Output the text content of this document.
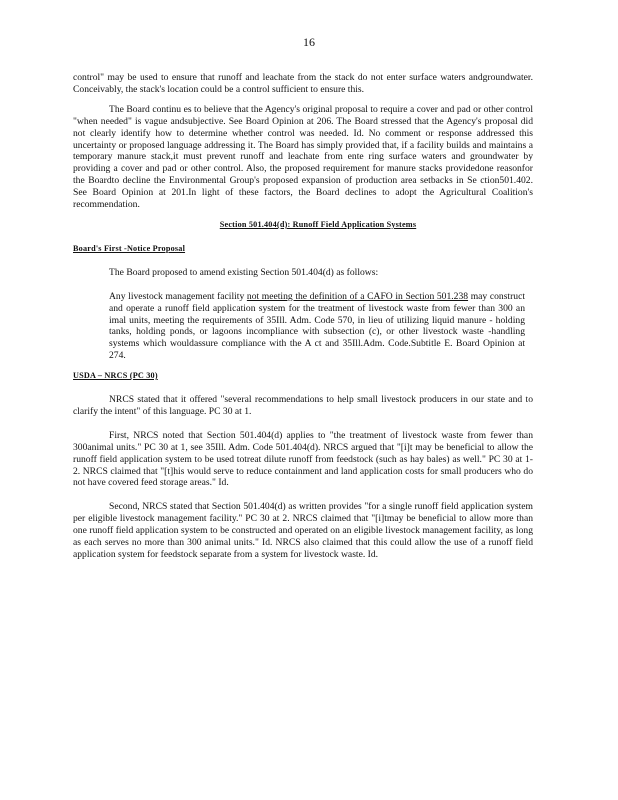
16

control" may be used to ensure that runoff and leachate from the stack do not enter surface waters andgroundwater. Conceivably, the stack's location could be a control sufficient to ensure this.

The Board continu es to believe that the Agency's original proposal to require a cover and pad or other control "when needed" is vague andsubjective. See Board Opinion at 206. The Board stressed that the Agency's proposal did not clearly identify how to determine whether control was needed. Id. No comment or response addressed this uncertainty or proposed language addressing it. The Board has simply provided that, if a facility builds and maintains a temporary manure stack,it must prevent runoff and leachate from ente ring surface waters and groundwater by providing a cover and pad or other control. Also, the proposed requirement for manure stacks providedone reasonfor the Boardto decline the Environmental Group's proposed expansion of production area setbacks in Se ction501.402. See Board Opinion at 201.In light of these factors, the Board declines to adopt the Agricultural Coalition's recommendation.

Section 501.404(d): Runoff Field Application Systems
Board's First -Notice Proposal

The Board proposed to amend existing Section 501.404(d) as follows:

Any livestock management facility not meeting the definition of a CAFO in Section 501.238 may construct and operate a runoff field application system for the treatment of livestock waste from fewer than 300 an imal units, meeting the requirements of 35Ill. Adm. Code 570, in lieu of utilizing liquid manure - holding tanks, holding ponds, or lagoons incompliance with subsection (c), or other livestock waste -handling systems which wouldassure compliance with the A ct and 35Ill.Adm. Code.Subtitle E. Board Opinion at 274.

USDA – NRCS (PC 30)

NRCS stated that it offered "several recommendations to help small livestock producers in our state and to clarify the intent" of this language. PC 30 at 1.

First, NRCS noted that Section 501.404(d) applies to "the treatment of livestock waste from fewer than 300animal units." PC 30 at 1, see 35Ill. Adm. Code 501.404(d). NRCS argued that "[i]t may be beneficial to allow the runoff field application system to be used totreat dilute runoff from feedstock (such as hay bales) as well." PC 30 at 1-2. NRCS claimed that "[t]his would serve to reduce containment and land application costs for small producers who do not have covered feed storage areas." Id.

Second, NRCS stated that Section 501.404(d) as written provides "for a single runoff field application system per eligible livestock management facility." PC 30 at 2. NRCS claimed that "[i]tmay be beneficial to allow more than one runoff field application system to be constructed and operated on an eligible livestock management facility, as long as each serves no more than 300 animal units." Id. NRCS also claimed that this could allow the use of a runoff field application system for feedstock separate from a system for livestock waste. Id.
